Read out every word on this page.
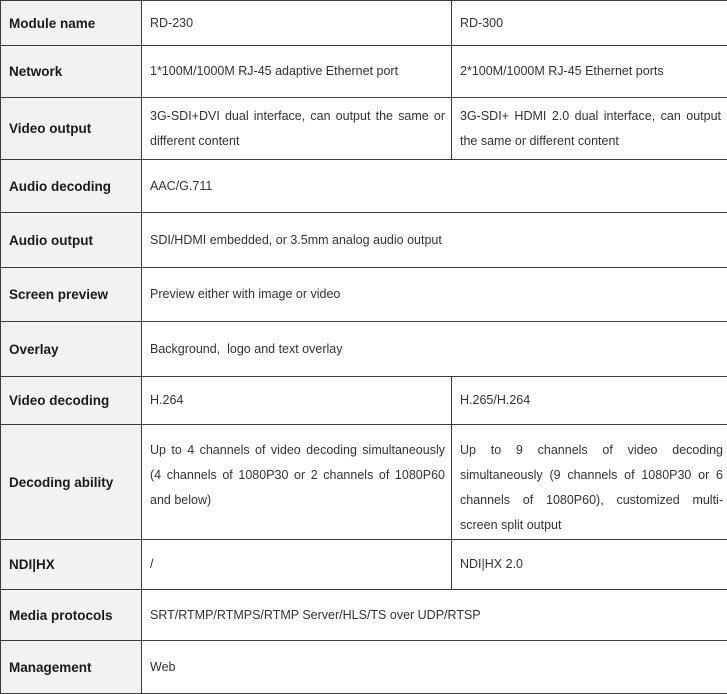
Module name	RD-230	RD-300
Network	1*100M/1000M RJ-45 adaptive Ethernet port	2*100M/1000M RJ-45 Ethernet ports
Video output	3G-SDI+DVI dual interface, can output the same or different content	3G-SDI+ HDMI 2.0 dual interface, can output the same or different content
Audio decoding	AAC/G.711	
Audio output	SDI/HDMI embedded, or 3.5mm analog audio output	
Screen preview	Preview either with image or video	
Overlay	Background,  logo and text overlay	
Video decoding	H.264	H.265/H.264
Decoding ability	Up to 4 channels of video decoding simultaneously (4 channels of 1080P30 or 2 channels of 1080P60 and below)	Up to 9 channels of video decoding simultaneously (9 channels of 1080P30 or 6 channels of 1080P60), customized multi-screen split output
NDI|HX	/	NDI|HX 2.0
Media protocols	SRT/RTMP/RTMPS/RTMP Server/HLS/TS over UDP/RTSP	
Management	Web	
